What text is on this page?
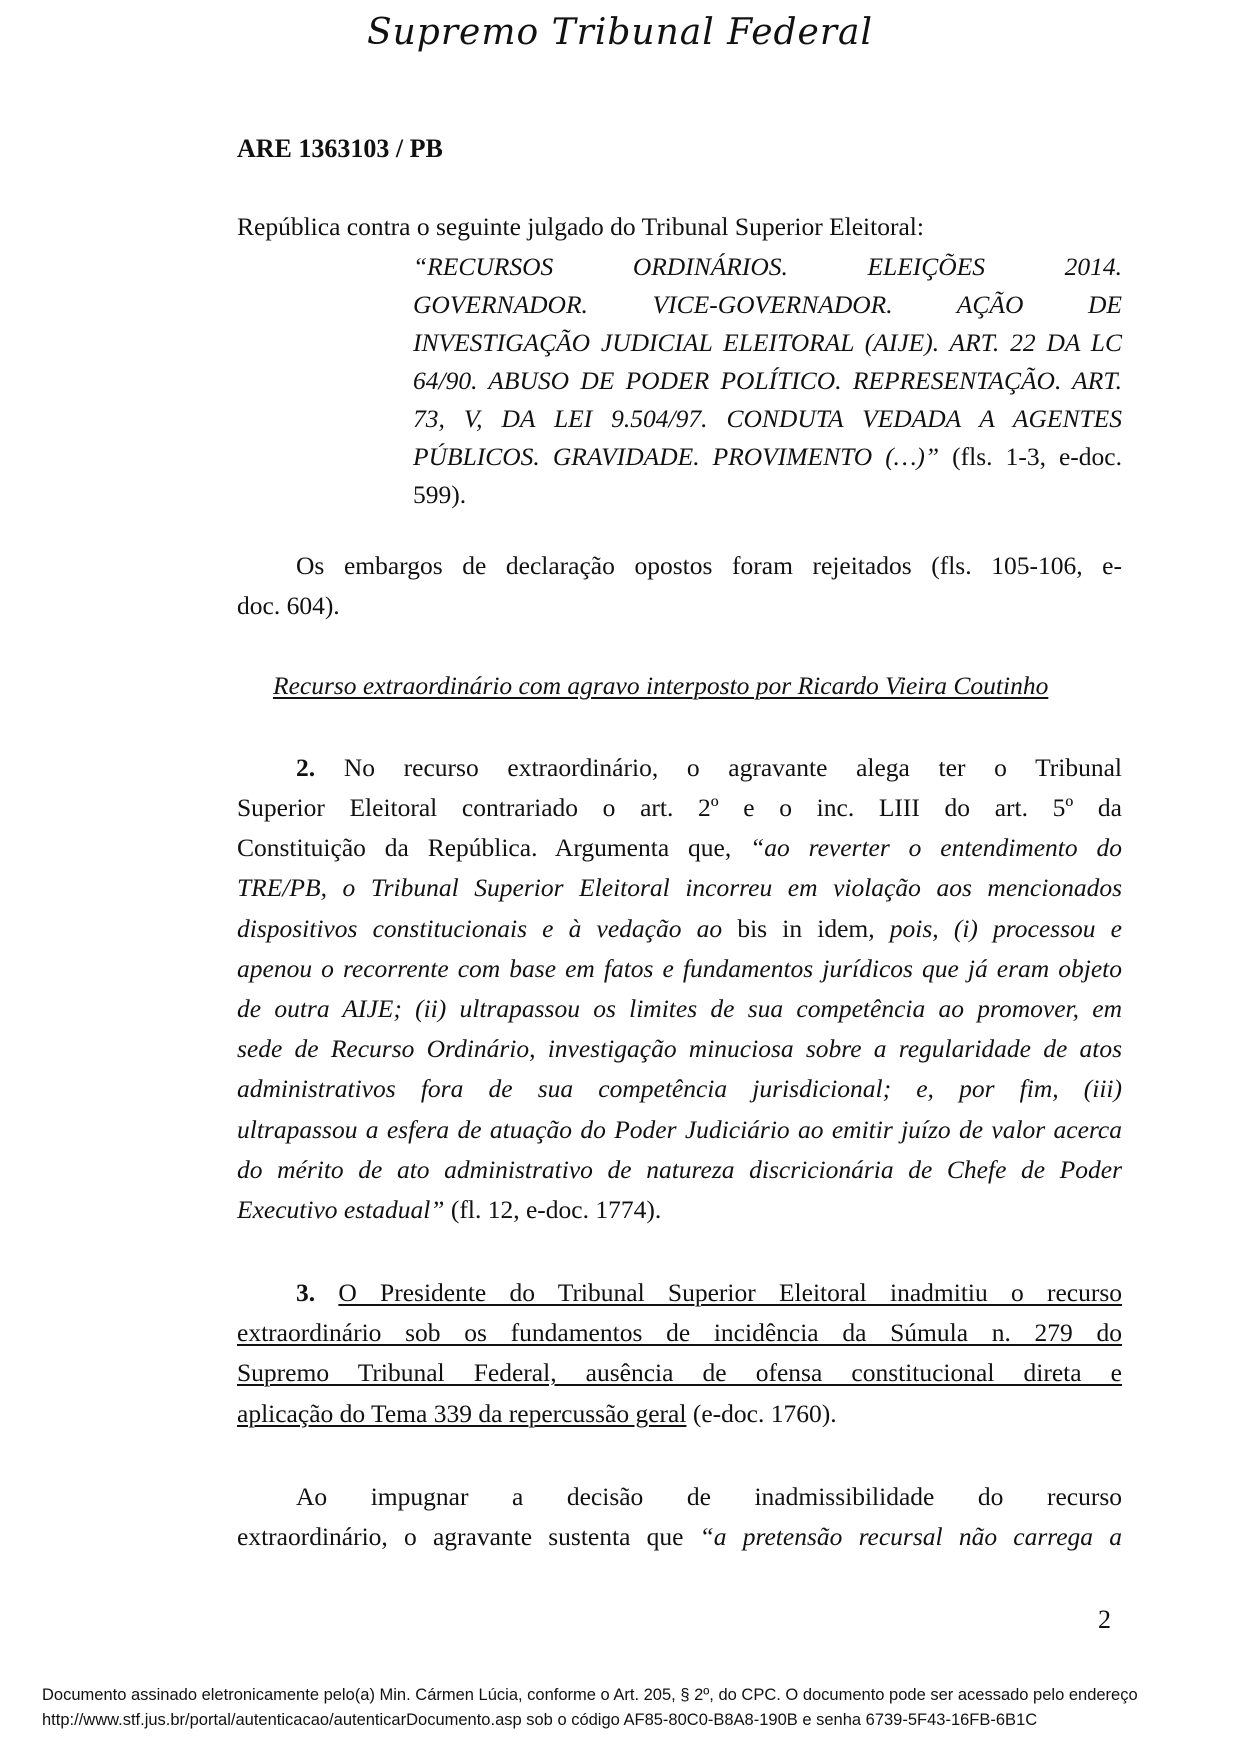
Supremo Tribunal Federal
ARE 1363103 / PB
República contra o seguinte julgado do Tribunal Superior Eleitoral:
“RECURSOS ORDINÁRIOS. ELEIÇÕES 2014.
GOVERNADOR. VICE-GOVERNADOR. AÇÃO DE
INVESTIGAÇÃO JUDICIAL ELEITORAL (AIJE). ART. 22 DA LC
64/90. ABUSO DE PODER POLÍTICO. REPRESENTAÇÃO. ART.
73, V, DA LEI 9.504/97. CONDUTA VEDADA A AGENTES
PÚBLICOS. GRAVIDADE. PROVIMENTO (…)” (fls. 1-3, e-doc.
599).
Os embargos de declaração opostos foram rejeitados (fls. 105-106, e-
doc. 604).
Recurso extraordinário com agravo interposto por Ricardo Vieira Coutinho
2. No recurso extraordinário, o agravante alega ter o Tribunal
Superior Eleitoral contrariado o art. 2º e o inc. LIII do art. 5º da
Constituição da República. Argumenta que, “ao reverter o entendimento do
TRE/PB, o Tribunal Superior Eleitoral incorreu em violação aos mencionados
dispositivos constitucionais e à vedação ao bis in idem, pois, (i) processou e
apenou o recorrente com base em fatos e fundamentos jurídicos que já eram objeto
de outra AIJE; (ii) ultrapassou os limites de sua competência ao promover, em
sede de Recurso Ordinário, investigação minuciosa sobre a regularidade de atos
administrativos fora de sua competência jurisdicional; e, por fim, (iii)
ultrapassou a esfera de atuação do Poder Judiciário ao emitir juízo de valor acerca
do mérito de ato administrativo de natureza discricionária de Chefe de Poder
Executivo estadual” (fl. 12, e-doc. 1774).
3. O Presidente do Tribunal Superior Eleitoral inadmitiu o recurso
extraordinário sob os fundamentos de incidência da Súmula n. 279 do
Supremo Tribunal Federal, ausência de ofensa constitucional direta e
aplicação do Tema 339 da repercussão geral (e-doc. 1760).
Ao impugnar a decisão de inadmissibilidade do recurso
extraordinário, o agravante sustenta que “a pretensão recursal não carrega a
2
Documento assinado eletronicamente pelo(a) Min. Cármen Lúcia, conforme o Art. 205, § 2º, do CPC. O documento pode ser acessado pelo endereço
http://www.stf.jus.br/portal/autenticacao/autenticarDocumento.asp sob o código AF85-80C0-B8A8-190B e senha 6739-5F43-16FB-6B1C
